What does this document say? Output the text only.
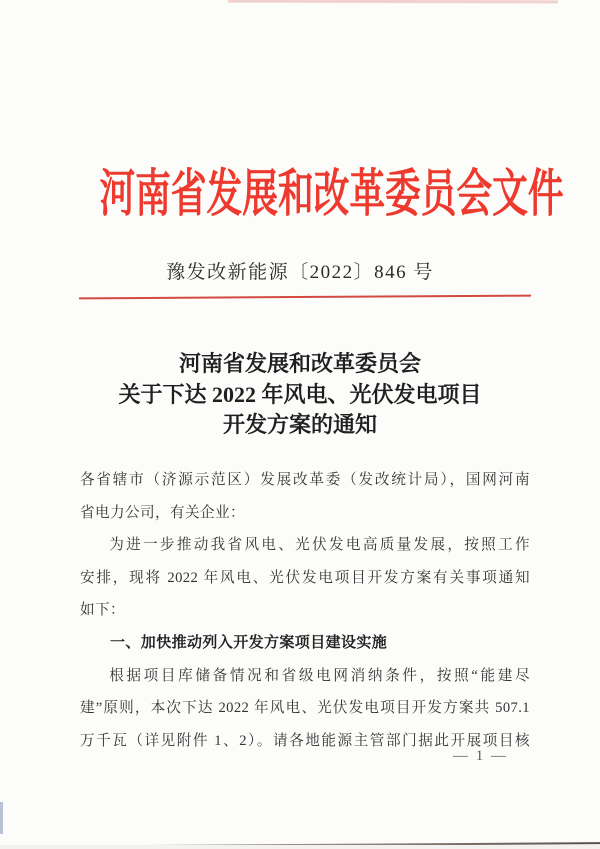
河南省发展和改革委员会文件
豫发改新能源〔2022〕846 号
河南省发展和改革委员会
关于下达 2022 年风电、光伏发电项目
开发方案的通知
各省辖市（济源示范区）发展改革委（发改统计局），国网河南
省电力公司，有关企业：
为进一步推动我省风电、光伏发电高质量发展，按照工作
安排，现将 2022 年风电、光伏发电项目开发方案有关事项通知
如下：
一、加快推动列入开发方案项目建设实施
根据项目库储备情况和省级电网消纳条件，按照“能建尽
建”原则，本次下达 2022 年风电、光伏发电项目开发方案共 507.1
万千瓦（详见附件 1、2）。请各地能源主管部门据此开展项目核
— 1 —
